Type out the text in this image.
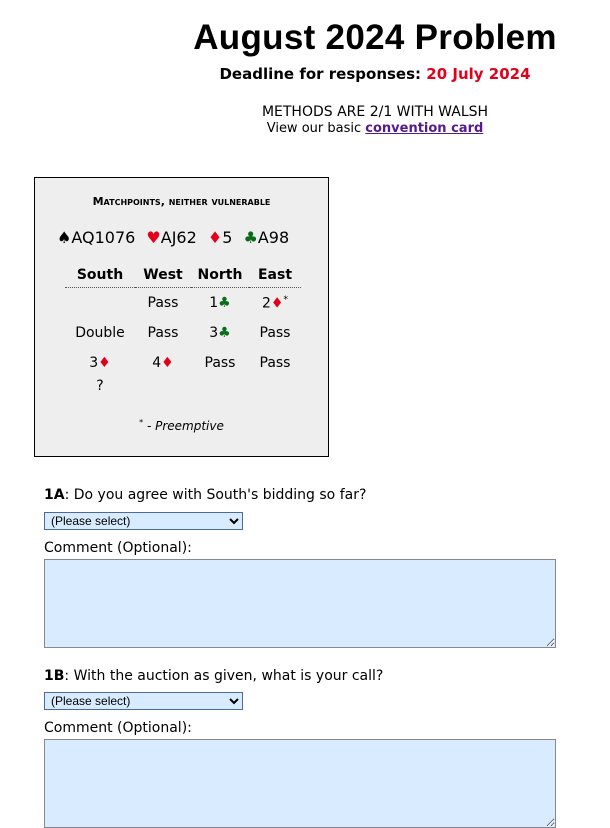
August 2024 Problem
Deadline for responses: 20 July 2024
METHODS ARE 2/1 WITH WALSH
View our basic convention card
Matchpoints, neither vulnerable
♠AQ1076 ♥AJ62 ♦5 ♣A98
South	West	North	East
	Pass	1♣	2♦*
Double	Pass	3♣	Pass
3♦	4♦	Pass	Pass
?			
* - Preemptive
1A: Do you agree with South's bidding so far?
(Please select)
Comment (Optional):
1B: With the auction as given, what is your call?
(Please select)
Comment (Optional):
